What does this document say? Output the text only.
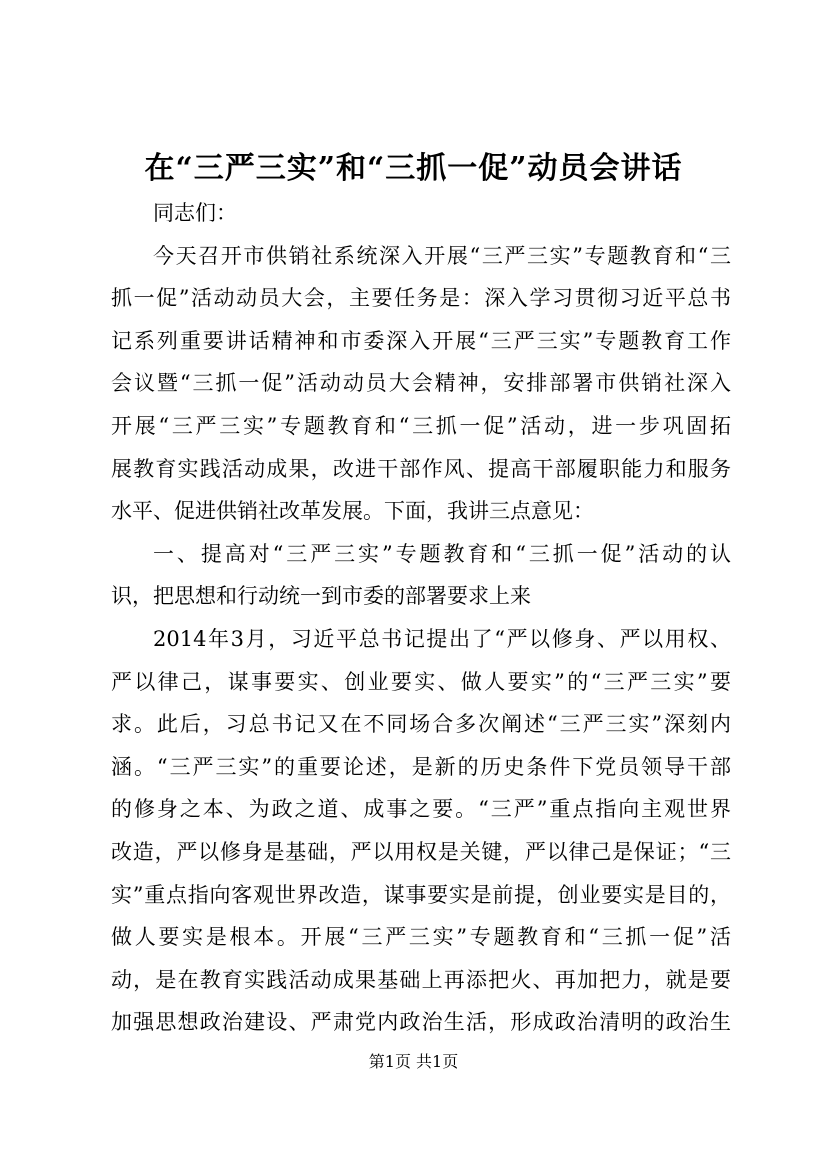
在“三严三实”和“三抓一促”动员会讲话
同志们：
今天召开市供销社系统深入开展“三严三实”专题教育和“三
抓一促”活动动员大会，主要任务是：深入学习贯彻习近平总书
记系列重要讲话精神和市委深入开展“三严三实”专题教育工作
会议暨“三抓一促”活动动员大会精神，安排部署市供销社深入
开展“三严三实”专题教育和“三抓一促”活动，进一步巩固拓
展教育实践活动成果，改进干部作风、提高干部履职能力和服务
水平、促进供销社改革发展。下面，我讲三点意见：
一、提高对“三严三实”专题教育和“三抓一促”活动的认
识，把思想和行动统一到市委的部署要求上来
2014年3月，习近平总书记提出了“严以修身、严以用权、
严以律己，谋事要实、创业要实、做人要实”的“三严三实”要
求。此后，习总书记又在不同场合多次阐述“三严三实”深刻内
涵。“三严三实”的重要论述，是新的历史条件下党员领导干部
的修身之本、为政之道、成事之要。“三严”重点指向主观世界
改造，严以修身是基础，严以用权是关键，严以律己是保证；“三
实”重点指向客观世界改造，谋事要实是前提，创业要实是目的，
做人要实是根本。开展“三严三实”专题教育和“三抓一促”活
动，是在教育实践活动成果基础上再添把火、再加把力，就是要
加强思想政治建设、严肃党内政治生活，形成政治清明的政治生
第1页 共1页
